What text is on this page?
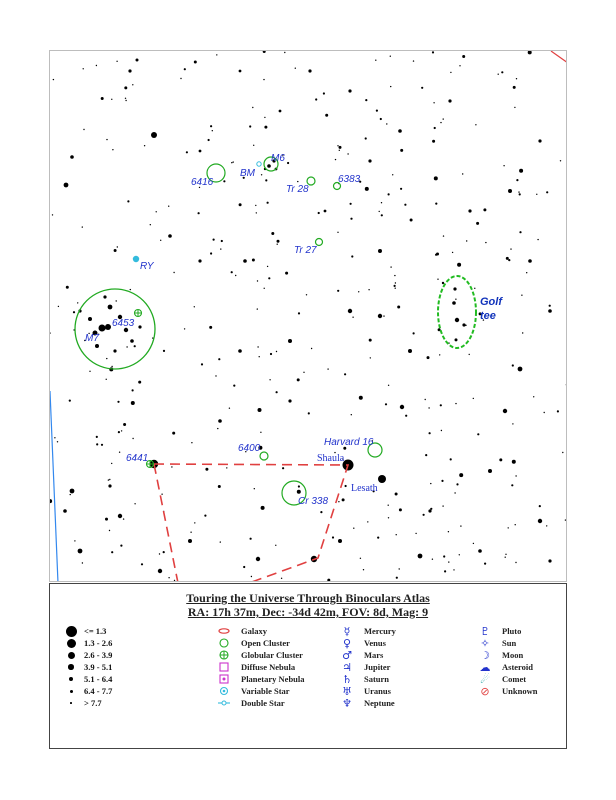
M6
BM
6416
Tr 28
6383
Tr 27
RY
6453
M7
Golf
tee
6441
6400
Harvard 16
Shaula
Lesath
Cr 338
Touring the Universe Through Binoculars Atlas
RA: 17h 37m, Dec: -34d 42m, FOV: 8d, Mag: 9
<= 1.3
1.3 - 2.6
2.6 - 3.9
3.9 - 5.1
5.1 - 6.4
6.4 - 7.7
> 7.7
Galaxy
Open Cluster
Globular Cluster
Diffuse Nebula
Planetary Nebula
Variable Star
Double Star
☿	Mercury
♀	Venus
♂ Mars
♃ Jupiter
♄ Saturn
♅ Uranus
♆ Neptune
♇ Pluto
✧ Sun
☽ Moon
☁ Asteroid
☄ Comet
⊘ Unknown
